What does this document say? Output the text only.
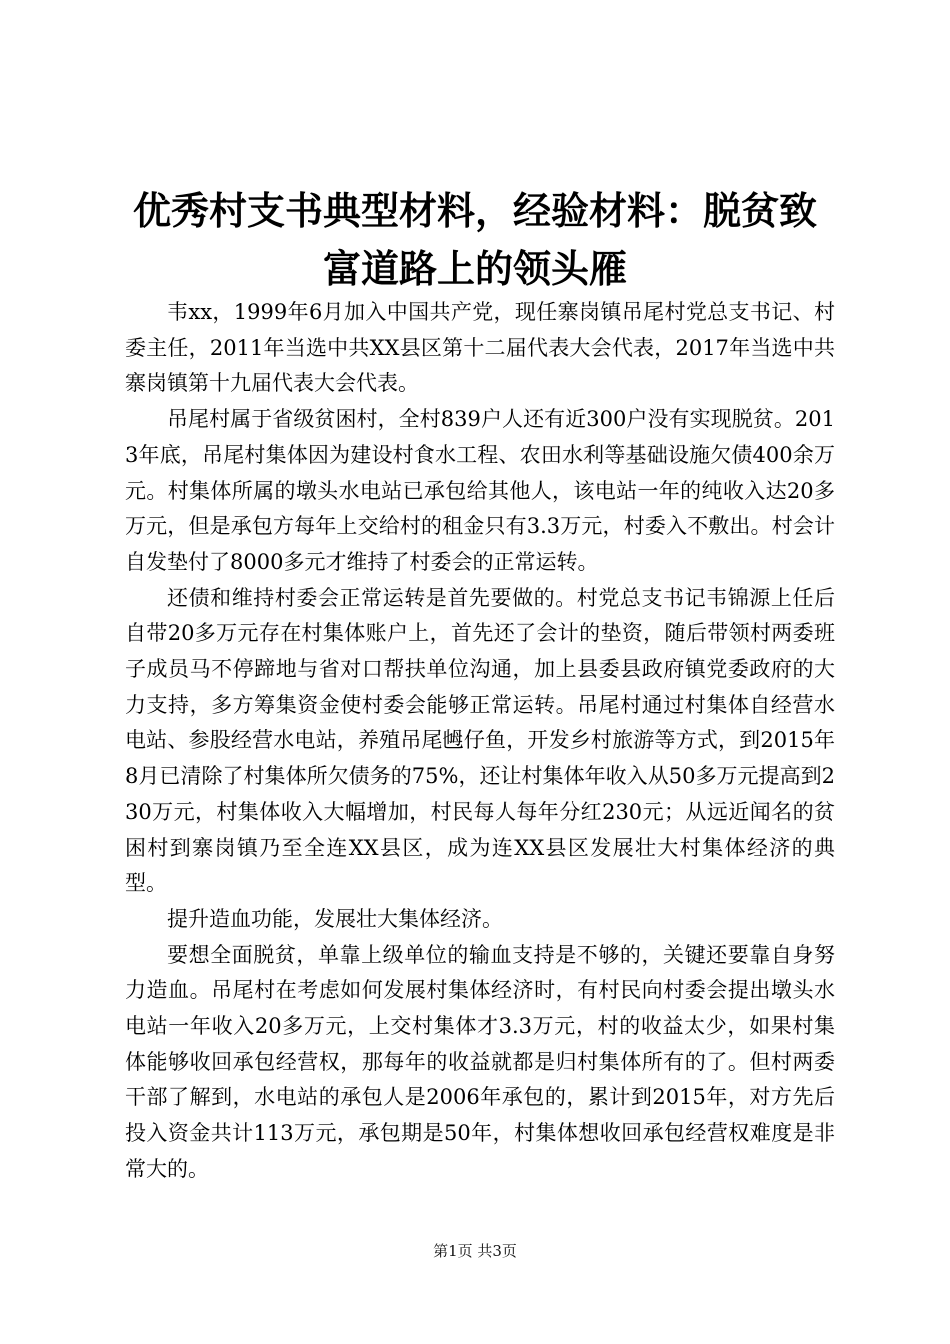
优秀村支书典型材料，经验材料：脱贫致富道路上的领头雁

韦xx，1999年6月加入中国共产党，现任寨岗镇吊尾村党总支书记、村委主任，2011年当选中共XX县区第十二届代表大会代表，2017年当选中共寨岗镇第十九届代表大会代表。

吊尾村属于省级贫困村，全村839户人还有近300户没有实现脱贫。2013年底，吊尾村集体因为建设村食水工程、农田水利等基础设施欠债400余万元。村集体所属的墩头水电站已承包给其他人，该电站一年的纯收入达20多万元，但是承包方每年上交给村的租金只有3.3万元，村委入不敷出。村会计自发垫付了8000多元才维持了村委会的正常运转。

还债和维持村委会正常运转是首先要做的。村党总支书记韦锦源上任后自带20多万元存在村集体账户上，首先还了会计的垫资，随后带领村两委班子成员马不停蹄地与省对口帮扶单位沟通，加上县委县政府镇党委政府的大力支持，多方筹集资金使村委会能够正常运转。吊尾村通过村集体自经营水电站、参股经营水电站，养殖吊尾乸仔鱼，开发乡村旅游等方式，到2015年8月已清除了村集体所欠债务的75%，还让村集体年收入从50多万元提高到230万元，村集体收入大幅增加，村民每人每年分红230元；从远近闻名的贫困村到寨岗镇乃至全连XX县区，成为连XX县区发展壮大村集体经济的典型。

提升造血功能，发展壮大集体经济。

要想全面脱贫，单靠上级单位的输血支持是不够的，关键还要靠自身努力造血。吊尾村在考虑如何发展村集体经济时，有村民向村委会提出墩头水电站一年收入20多万元，上交村集体才3.3万元，村的收益太少，如果村集体能够收回承包经营权，那每年的收益就都是归村集体所有的了。但村两委干部了解到，水电站的承包人是2006年承包的，累计到2015年，对方先后投入资金共计113万元，承包期是50年，村集体想收回承包经营权难度是非常大的。

第1页 共3页
